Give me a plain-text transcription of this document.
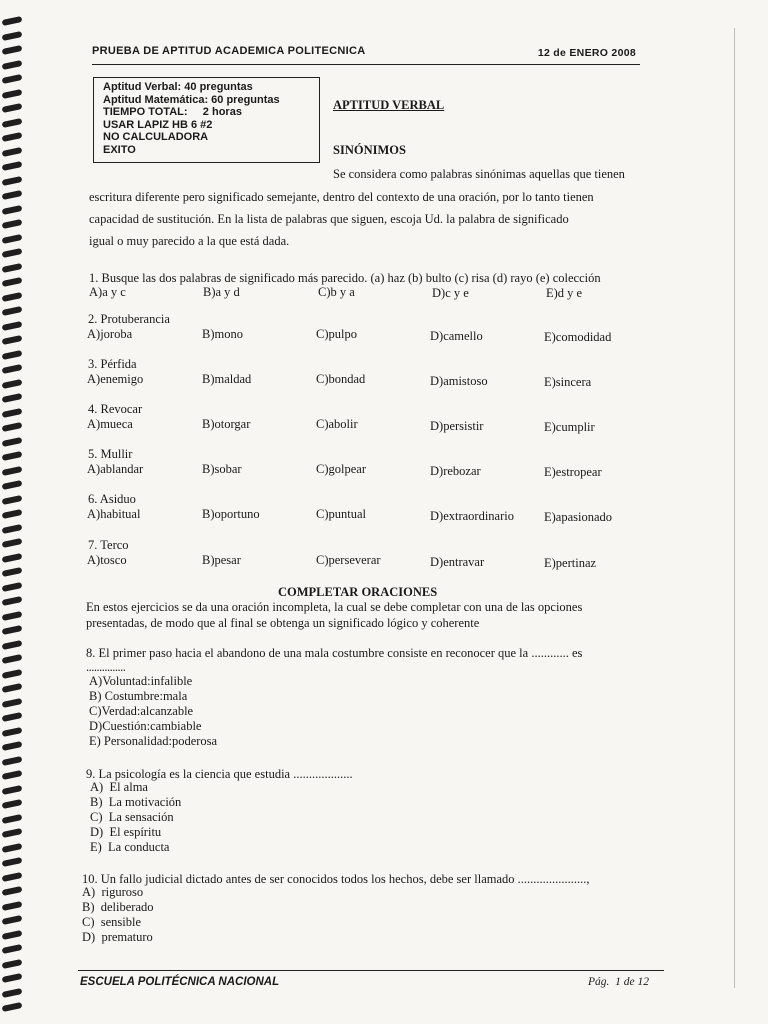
PRUEBA DE APTITUD ACADEMICA POLITECNICA	12 de ENERO 2008
Aptitud Verbal: 40 preguntas
Aptitud Matemática: 60 preguntas
TIEMPO TOTAL:     2 horas
USAR LAPIZ HB 6 #2
NO CALCULADORA
EXITO
APTITUD VERBAL
SINÓNIMOS
Se considera como palabras sinónimas aquellas que tienen
escritura diferente pero significado semejante, dentro del contexto de una oración, por lo tanto tienen
capacidad de sustitución. En la lista de palabras que siguen, escoja Ud. la palabra de significado
igual o muy parecido a la que está dada.
1. Busque las dos palabras de significado más parecido. (a) haz (b) bulto (c) risa (d) rayo (e) colección
A)a y c	B)a y d	C)b y a	D)c y e	E)d y e
2. Protuberancia
A)joroba	B)mono	C)pulpo	D)camello	E)comodidad
3. Pérfida
A)enemigo	B)maldad	C)bondad	D)amistoso	E)sincera
4. Revocar
A)mueca	B)otorgar	C)abolir	D)persistir	E)cumplir
5. Mullir
A)ablandar	B)sobar	C)golpear	D)rebozar	E)estropear
6. Asiduo
A)habitual	B)oportuno	C)puntual	D)extraordinario E)apasionado
7. Terco
A)tosco	B)pesar	C)perseverar	D)entravar	E)pertinaz
COMPLETAR ORACIONES
En estos ejercicios se da una oración incompleta, la cual se debe completar con una de las opciones
presentadas, de modo que al final se obtenga un significado lógico y coherente
8. El primer paso hacia el abandono de una mala costumbre consiste en reconocer que la ............ es
...............
A)Voluntad:infalible
B) Costumbre:mala
C)Verdad:alcanzable
D)Cuestión:cambiable
E) Personalidad:poderosa
9. La psicología es la ciencia que estudia ...................
A)  El alma
B)  La motivación
C)  La sensación
D)  El espíritu
E)  La conducta
10. Un fallo judicial dictado antes de ser conocidos todos los hechos, debe ser llamado ......................,
A)  riguroso
B)  deliberado
C)  sensible
D)  prematuro
ESCUELA POLITÉCNICA NACIONAL	Pág.  1 de 12
